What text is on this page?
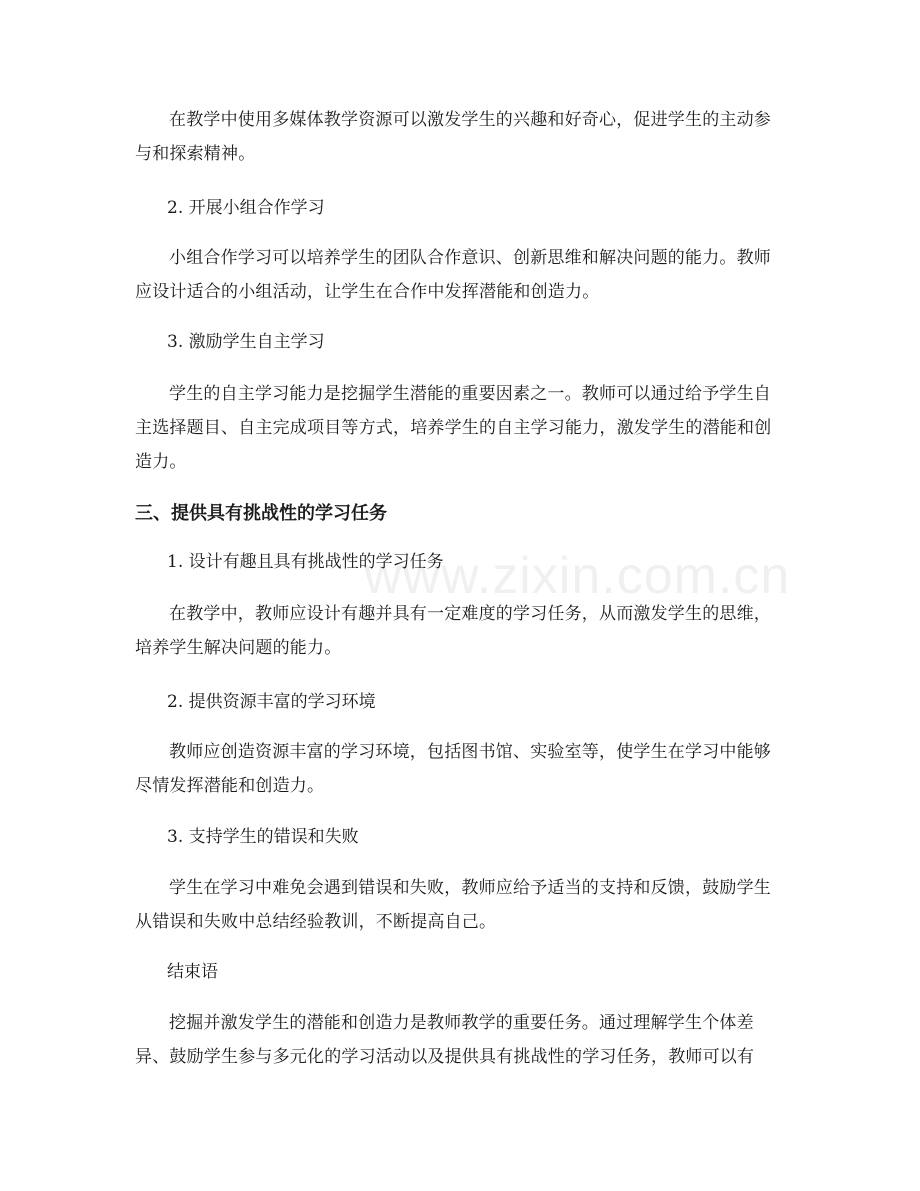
在教学中使用多媒体教学资源可以激发学生的兴趣和好奇心，促进学生的主动参与和探索精神。

2. 开展小组合作学习

小组合作学习可以培养学生的团队合作意识、创新思维和解决问题的能力。教师应设计适合的小组活动，让学生在合作中发挥潜能和创造力。

3. 激励学生自主学习

学生的自主学习能力是挖掘学生潜能的重要因素之一。教师可以通过给予学生自主选择题目、自主完成项目等方式，培养学生的自主学习能力，激发学生的潜能和创造力。

三、提供具有挑战性的学习任务

1. 设计有趣且具有挑战性的学习任务

www.zixin.com.cn

在教学中，教师应设计有趣并具有一定难度的学习任务，从而激发学生的思维，培养学生解决问题的能力。

2. 提供资源丰富的学习环境

教师应创造资源丰富的学习环境，包括图书馆、实验室等，使学生在学习中能够尽情发挥潜能和创造力。

3. 支持学生的错误和失败

学生在学习中难免会遇到错误和失败，教师应给予适当的支持和反馈，鼓励学生从错误和失败中总结经验教训，不断提高自己。

结束语

挖掘并激发学生的潜能和创造力是教师教学的重要任务。通过理解学生个体差异、鼓励学生参与多元化的学习活动以及提供具有挑战性的学习任务，教师可以有
